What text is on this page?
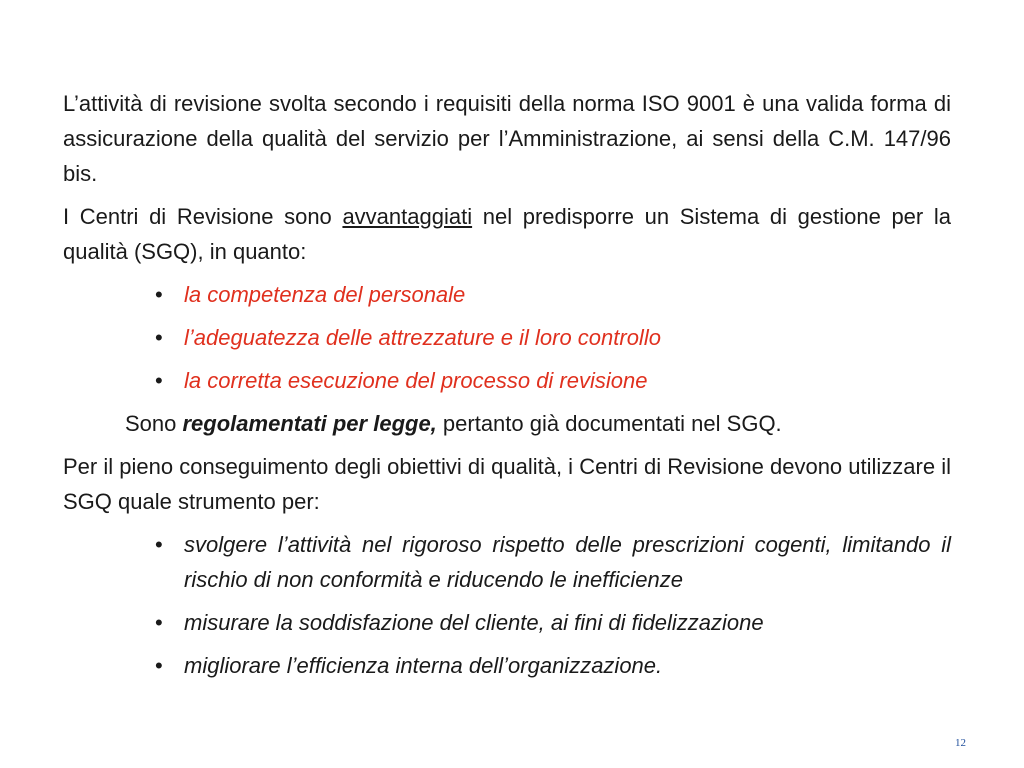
L’attività di revisione svolta secondo i requisiti della norma ISO 9001 è una valida forma di assicurazione della qualità del servizio per l’Amministrazione, ai sensi della C.M. 147/96 bis.

I Centri di Revisione sono avvantaggiati nel predisporre un Sistema di gestione per la qualità (SGQ), in quanto:

• la competenza del personale
• l’adeguatezza delle attrezzature e il loro controllo
• la corretta esecuzione del processo di revisione

Sono regolamentati per legge, pertanto già documentati nel SGQ.

Per il pieno conseguimento degli obiettivi di qualità, i Centri di Revisione devono utilizzare il SGQ quale strumento per:

• svolgere l’attività nel rigoroso rispetto delle prescrizioni cogenti, limitando il rischio di non conformità e riducendo le inefficienze
• misurare la soddisfazione del cliente, ai fini di fidelizzazione
• migliorare l’efficienza interna dell’organizzazione.
12
